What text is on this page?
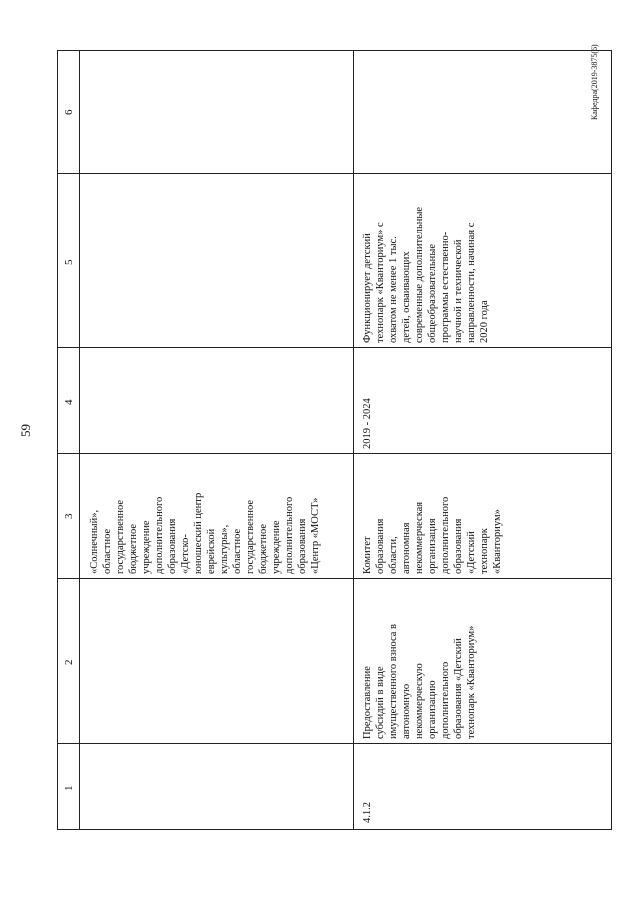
59
Кафедра(2019-3875(6)
1
2
3
4
5
6
«Солнечный», областное государственное бюджетное учреждение дополнительного образования «Детско- юношеский центр еврейской культуры», областное государственное бюджетное учреждение дополнительного образования «Центр «МОСТ»
4.1.2
Предоставление субсидий в виде имущественного взноса в автономную некоммерческую организацию дополнительного образования «Детский технопарк «Кванториум»
Комитет образования области, автономная некоммерческая организация дополнительного образования «Детский технопарк «Кванториум»
2019 - 2024
Функционирует детский технопарк «Кванториум» с охватом не менее 1 тыс. детей, осваивающих современные дополнительные общеобразовательные программы естественно- научной и технической направленности, начиная с 2020 года
